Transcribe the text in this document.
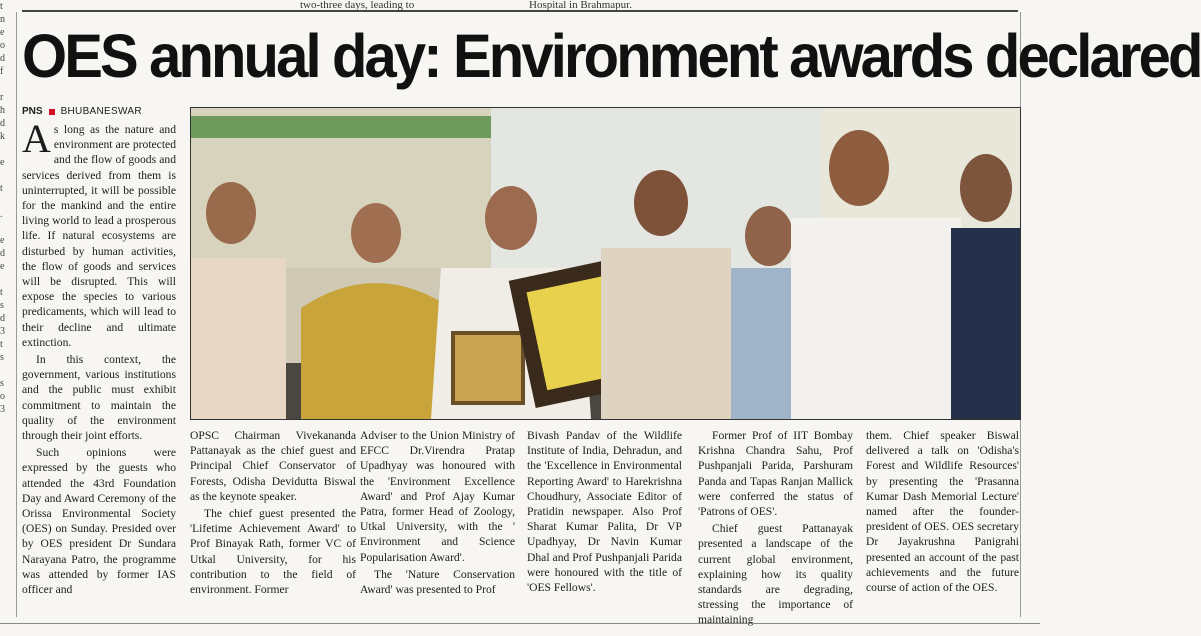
two-three days, leading to	Hospital in Brahmapur.
t
n
e
o
d
f
r
h
d
k
e
t
.
e
d
e
t
s
d
3
t
s
s
o
3
OES annual day: Environment awards declared
PNS BHUBANESWAR

As long as the nature and environment are protected and the flow of goods and services derived from them is uninterrupted, it will be possible for the mankind and the entire living world to lead a prosperous life. If natural ecosystems are disturbed by human activities, the flow of goods and services will be disrupted. This will expose the species to various predicaments, which will lead to their decline and ultimate extinction.

In this context, the government, various institutions and the public must exhibit commitment to maintain the quality of the environment through their joint efforts.

Such opinions were expressed by the guests who attended the 43rd Foundation Day and Award Ceremony of the Orissa Environmental Society (OES) on Sunday. Presided over by OES president Dr Sundara Narayana Patro, the programme was attended by former IAS officer and

OPSC Chairman Vivekananda Pattanayak as the chief guest and Principal Chief Conservator of Forests, Odisha Devidutta Biswal as the keynote speaker.

The chief guest presented the 'Lifetime Achievement Award' to Prof Binayak Rath, former VC of Utkal University, for his contribution to the field of environment. Former

Adviser to the Union Ministry of EFCC Dr.Virendra Pratap Upadhyay was honoured with the 'Environment Excellence Award' and Prof Ajay Kumar Patra, former Head of Zoology, Utkal University, with the ' Environment and Science Popularisation Award'.

The 'Nature Conservation Award' was presented to Prof

Bivash Pandav of the Wildlife Institute of India, Dehradun, and the 'Excellence in Environmental Reporting Award' to Harekrishna Choudhury, Associate Editor of Pratidin newspaper. Also Prof Sharat Kumar Palita, Dr VP Upadhyay, Dr Navin Kumar Dhal and Prof Pushpanjali Parida were honoured with the title of 'OES Fellows'.

Former Prof of IIT Bombay Krishna Chandra Sahu, Prof Pushpanjali Parida, Parshuram Panda and Tapas Ranjan Mallick were conferred the status of 'Patrons of OES'.

Chief guest Pattanayak presented a landscape of the current global environment, explaining how its quality standards are degrading, stressing the importance of maintaining

them. Chief speaker Biswal delivered a talk on 'Odisha's Forest and Wildlife Resources' by presenting the 'Prasanna Kumar Dash Memorial Lecture' named after the founder-president of OES. OES secretary Dr Jayakrushna Panigrahi presented an account of the past achievements and the future course of action of the OES.
